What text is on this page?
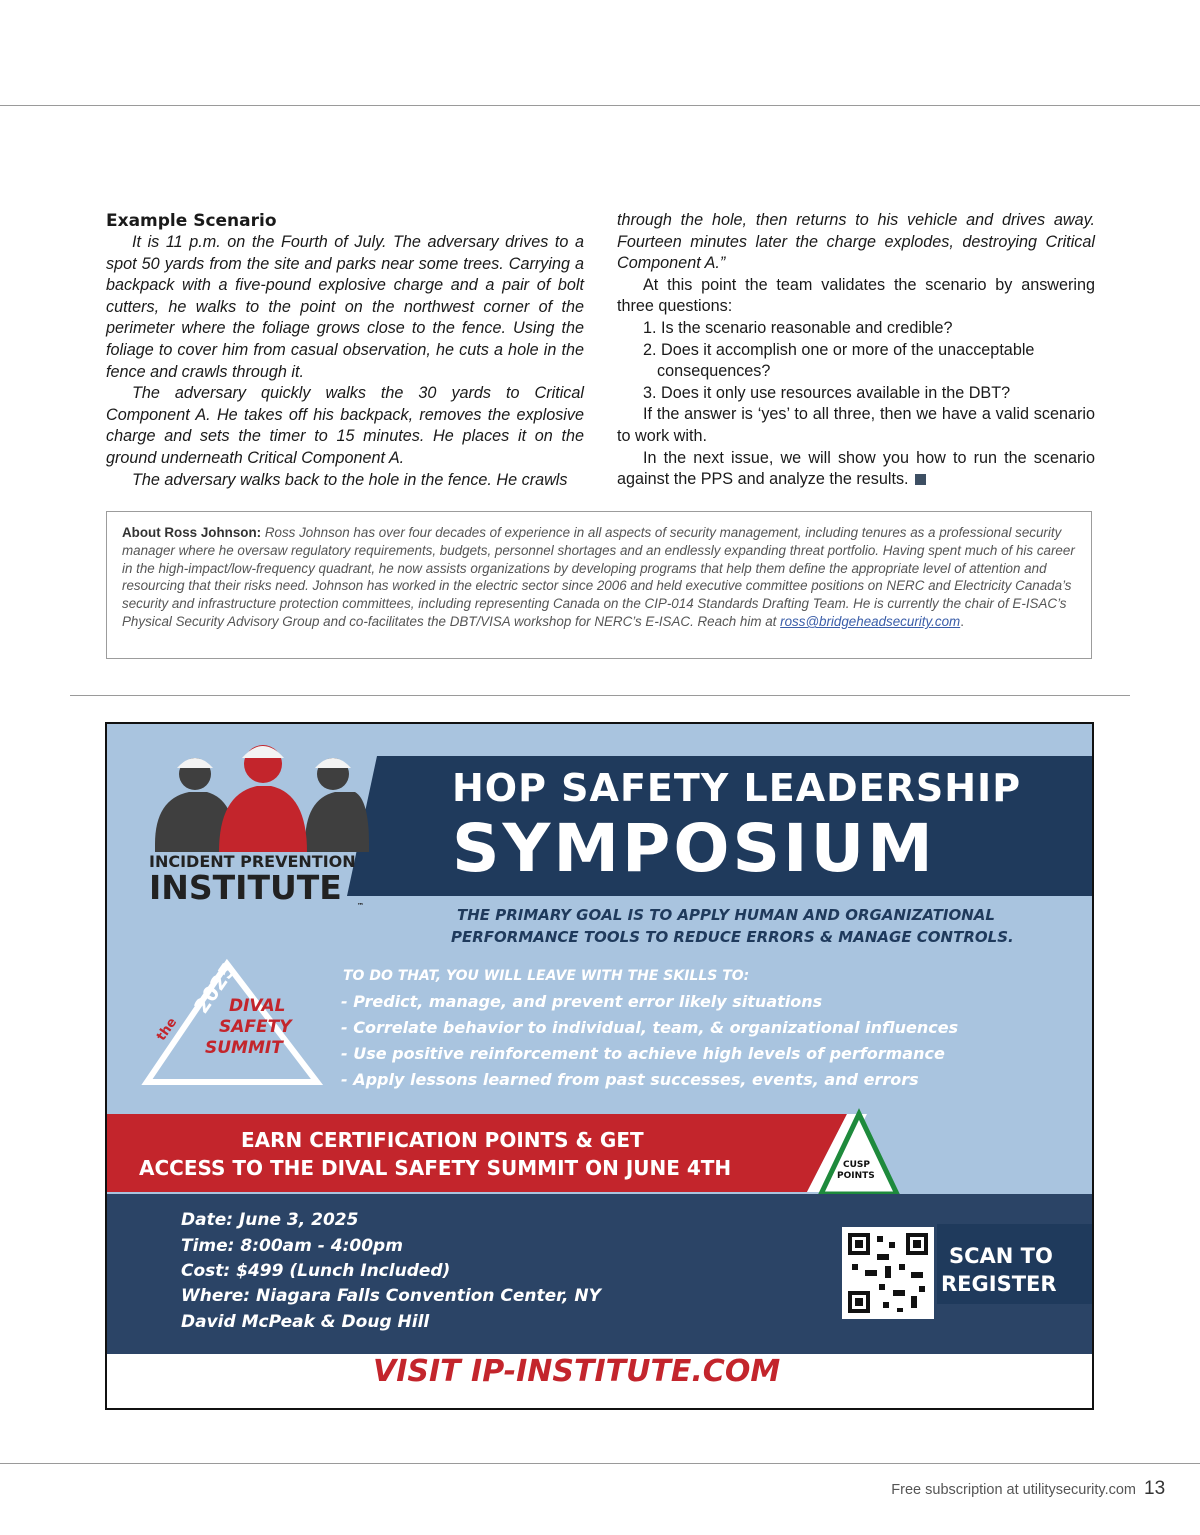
Example Scenario

It is 11 p.m. on the Fourth of July. The adversary drives to a spot 50 yards from the site and parks near some trees. Carrying a backpack with a five-pound explosive charge and a pair of bolt cutters, he walks to the point on the northwest corner of the perimeter where the foliage grows close to the fence. Using the foliage to cover him from casual observation, he cuts a hole in the fence and crawls through it.

The adversary quickly walks the 30 yards to Critical Component A. He takes off his backpack, removes the explosive charge and sets the timer to 15 minutes. He places it on the ground underneath Critical Component A.

The adversary walks back to the hole in the fence. He crawls

through the hole, then returns to his vehicle and drives away. Fourteen minutes later the charge explodes, destroying Critical Component A.”

At this point the team validates the scenario by answering three questions:

1. Is the scenario reasonable and credible?

2. Does it accomplish one or more of the unacceptable

consequences?

3. Does it only use resources available in the DBT?

If the answer is ‘yes’ to all three, then we have a valid scenario to work with.

In the next issue, we will show you how to run the scenario against the PPS and analyze the results.

About Ross Johnson: Ross Johnson has over four decades of experience in all aspects of security management, including tenures as a professional security manager where he oversaw regulatory requirements, budgets, personnel shortages and an endlessly expanding threat portfolio. Having spent much of his career in the high-impact/low-frequency quadrant, he now assists organizations by developing programs that help them define the appropriate level of attention and resourcing that their risks need. Johnson has worked in the electric sector since 2006 and held executive committee positions on NERC and Electricity Canada’s security and infrastructure protection committees, including representing Canada on the CIP-014 Standards Drafting Team. He is currently the chair of E-ISAC’s Physical Security Advisory Group and co-facilitates the DBT/VISA workshop for NERC’s E-ISAC. Reach him at ross@bridgeheadsecurity.com.
INCIDENT PREVENTION
INSTITUTE ™
HOP SAFETY LEADERSHIP
SYMPOSIUM
THE PRIMARY GOAL IS TO APPLY HUMAN AND ORGANIZATIONAL
PERFORMANCE TOOLS TO REDUCE ERRORS & MANAGE CONTROLS.
TO DO THAT, YOU WILL LEAVE WITH THE SKILLS TO:
- Predict, manage, and prevent error likely situations
- Correlate behavior to individual, team, & organizational influences
- Use positive reinforcement to achieve high levels of performance
- Apply lessons learned from past successes, events, and errors
the
2025
DIVAL
SAFETY
SUMMIT
EARN CERTIFICATION POINTS & GET
ACCESS TO THE DIVAL SAFETY SUMMIT ON JUNE 4TH	CUSP
POINTS
Date: June 3, 2025
Time: 8:00am - 4:00pm
Cost: $499 (Lunch Included)
Where: Niagara Falls Convention Center, NY
David McPeak & Doug Hill
SCAN TO
REGISTER
VISIT IP-INSTITUTE.COM
Free subscription at utilitysecurity.com 13
